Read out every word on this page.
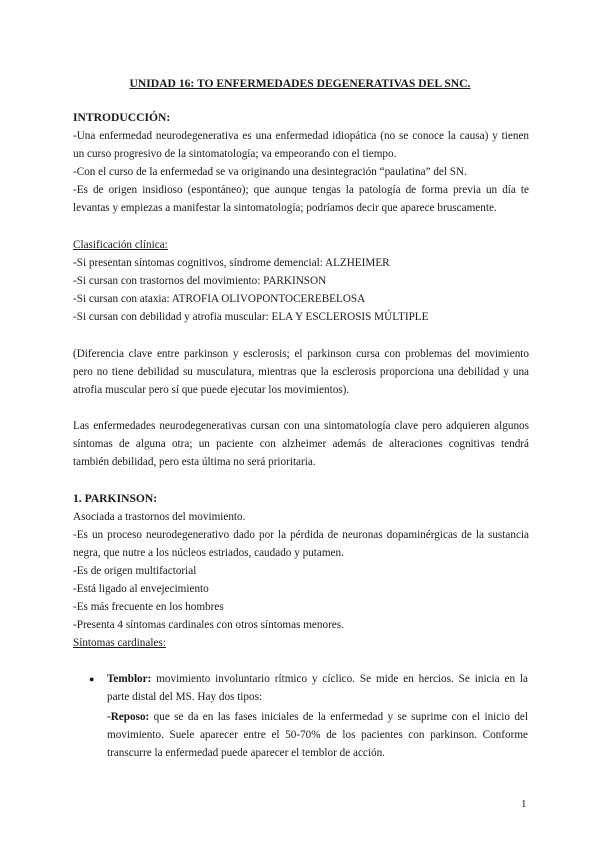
UNIDAD 16: TO ENFERMEDADES DEGENERATIVAS DEL SNC.
INTRODUCCIÓN:
-Una enfermedad neurodegenerativa es una enfermedad idiopática (no se conoce la causa) y tienen
un curso progresivo de la sintomatología; va empeorando con el tiempo.
-Con el curso de la enfermedad se va originando una desintegración “paulatina” del SN.
-Es de origen insidioso (espontáneo); que aunque tengas la patología de forma previa un día te
levantas y empiezas a manifestar la sintomatología; podríamos decir que aparece bruscamente.
Clasificación clínica:
-Si presentan síntomas cognitivos, síndrome demencial: ALZHEIMER
-Si cursan con trastornos del movimiento: PARKINSON
-Si cursan con ataxia: ATROFIA OLIVOPONTOCEREBELOSA
-Si cursan con debilidad y atrofia muscular: ELA Y ESCLEROSIS MÚLTIPLE
(Diferencia clave entre parkinson y esclerosis; el parkinson cursa con problemas del movimiento
pero no tiene debilidad su musculatura, mientras que la esclerosis proporciona una debilidad y una
atrofia muscular pero sí que puede ejecutar los movimientos).
Las enfermedades neurodegenerativas cursan con una sintomatología clave pero adquieren algunos
síntomas de alguna otra; un paciente con alzheimer además de alteraciones cognitivas tendrá
también debilidad, pero esta última no será prioritaria.
1. PARKINSON:
Asociada a trastornos del movimiento.
-Es un proceso neurodegenerativo dado por la pérdida de neuronas dopaminérgicas de la sustancia
negra, que nutre a los núcleos estriados, caudado y putamen.
-Es de origen multifactorial
-Está ligado al envejecimiento
-Es más frecuente en los hombres
-Presenta 4 síntomas cardinales con otros síntomas menores.
Síntomas cardinales:
● Temblor: movimiento involuntario rítmico y cíclico. Se mide en hercios. Se inicia en la
parte distal del MS. Hay dos tipos:
-Reposo: que se da en las fases iniciales de la enfermedad y se suprime con el inicio del
movimiento. Suele aparecer entre el 50-70% de los pacientes con parkinson. Conforme
transcurre la enfermedad puede aparecer el temblor de acción.
1
